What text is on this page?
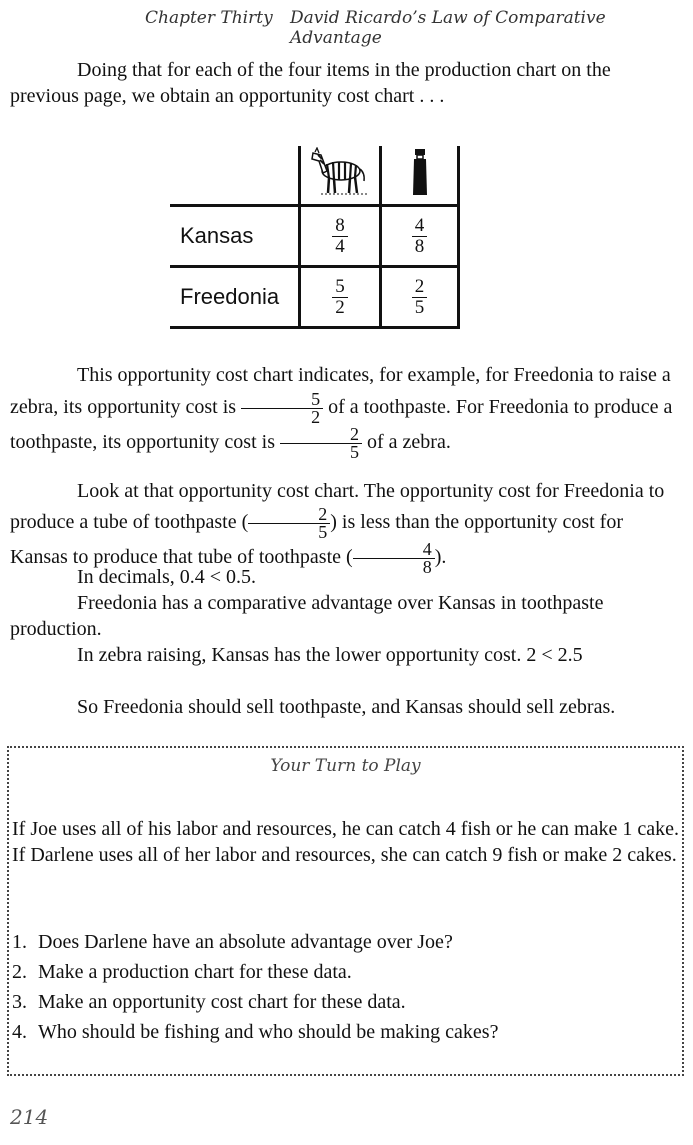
Chapter Thirty David Ricardo’s Law of Comparative Advantage
Doing that for each of the four items in the production chart on the previous page, we obtain an opportunity cost chart . . .

Kansas	$\frac{8}{4}$	$\frac{4}{8}$

Freedonia	$\frac{5}{2}$	$\frac{2}{5}$
This opportunity cost chart indicates, for example, for Freedonia to raise a zebra, its opportunity cost is $\frac{5}{2}$ of a toothpaste. For Freedonia to produce a toothpaste, its opportunity cost is $\frac{2}{5}$ of a zebra.
Look at that opportunity cost chart. The opportunity cost for Freedonia to produce a tube of toothpaste ( $\frac{2}{5}$ ) is less than the opportunity cost for Kansas to produce that tube of toothpaste ( $\frac{4}{8}$ ).
In decimals, 0.4 < 0.5.
Freedonia has a comparative advantage over Kansas in toothpaste production.
In zebra raising, Kansas has the lower opportunity cost. 2 < 2.5
So Freedonia should sell toothpaste, and Kansas should sell zebras.
Your Turn to Play
If Joe uses all of his labor and resources, he can catch 4 fish or he can make 1 cake. If Darlene uses all of her labor and resources, she can catch 9 fish or make 2 cakes.
1. Does Darlene have an absolute advantage over Joe?
2. Make a production chart for these data.
3. Make an opportunity cost chart for these data.
4. Who should be fishing and who should be making cakes?
214
